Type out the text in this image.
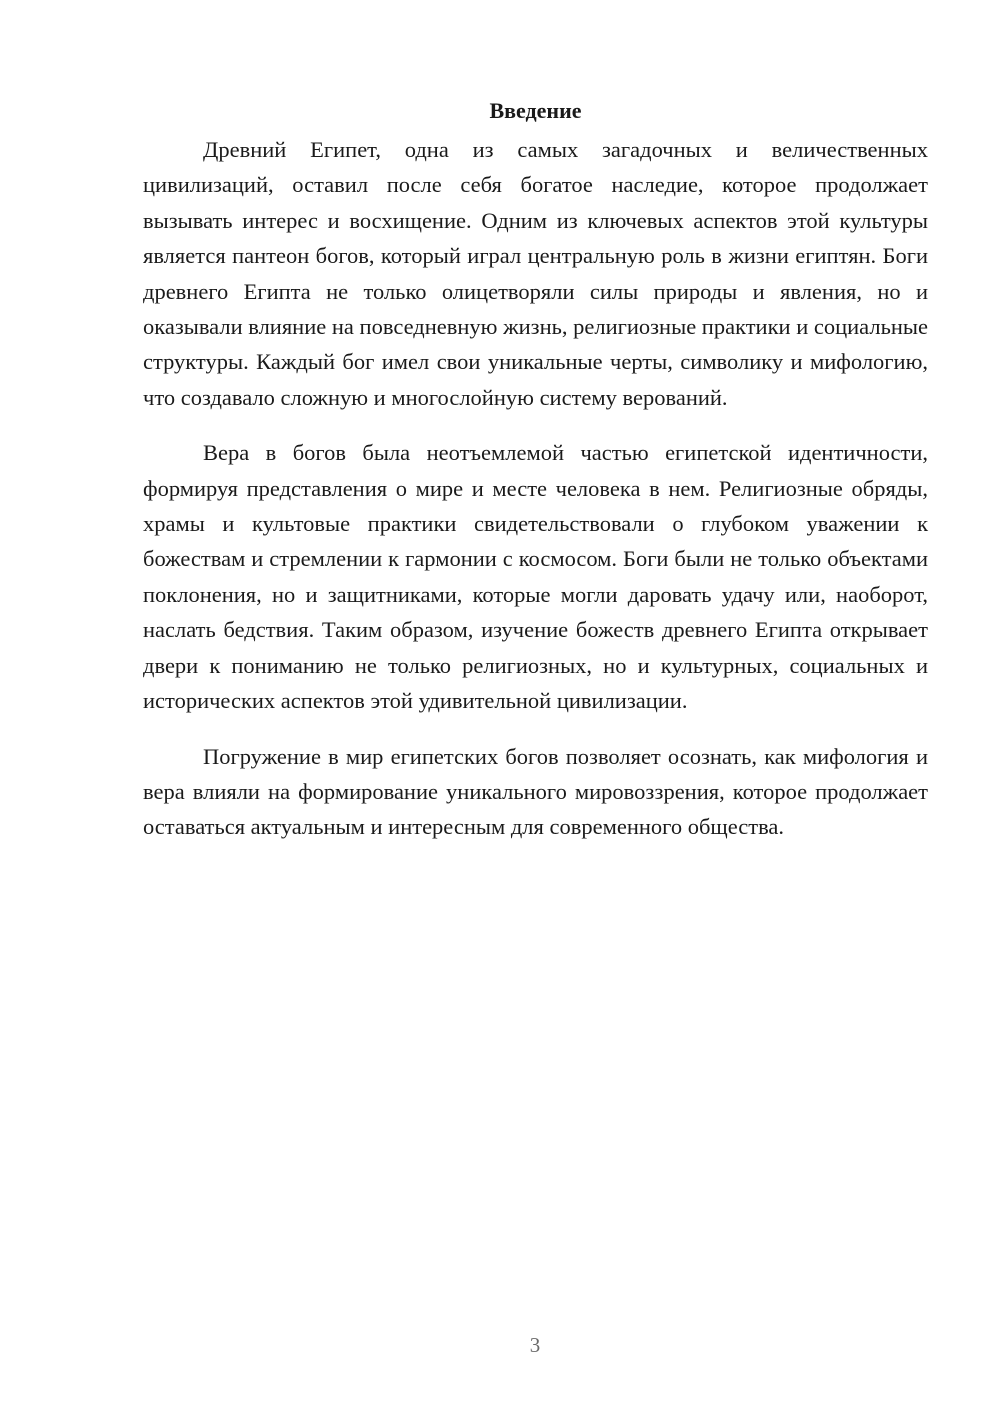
Введение

Древний Египет, одна из самых загадочных и величественных цивилизаций, оставил после себя богатое наследие, которое продолжает вызывать интерес и восхищение. Одним из ключевых аспектов этой культуры является пантеон богов, который играл центральную роль в жизни египтян. Боги древнего Египта не только олицетворяли силы природы и явления, но и оказывали влияние на повседневную жизнь, религиозные практики и социальные структуры. Каждый бог имел свои уникальные черты, символику и мифологию, что создавало сложную и многослойную систему верований.

Вера в богов была неотъемлемой частью египетской идентичности, формируя представления о мире и месте человека в нем. Религиозные обряды, храмы и культовые практики свидетельствовали о глубоком уважении к божествам и стремлении к гармонии с космосом. Боги были не только объектами поклонения, но и защитниками, которые могли даровать удачу или, наоборот, наслать бедствия. Таким образом, изучение божеств древнего Египта открывает двери к пониманию не только религиозных, но и культурных, социальных и исторических аспектов этой удивительной цивилизации.

Погружение в мир египетских богов позволяет осознать, как мифология и вера влияли на формирование уникального мировоззрения, которое продолжает оставаться актуальным и интересным для современного общества.

3
